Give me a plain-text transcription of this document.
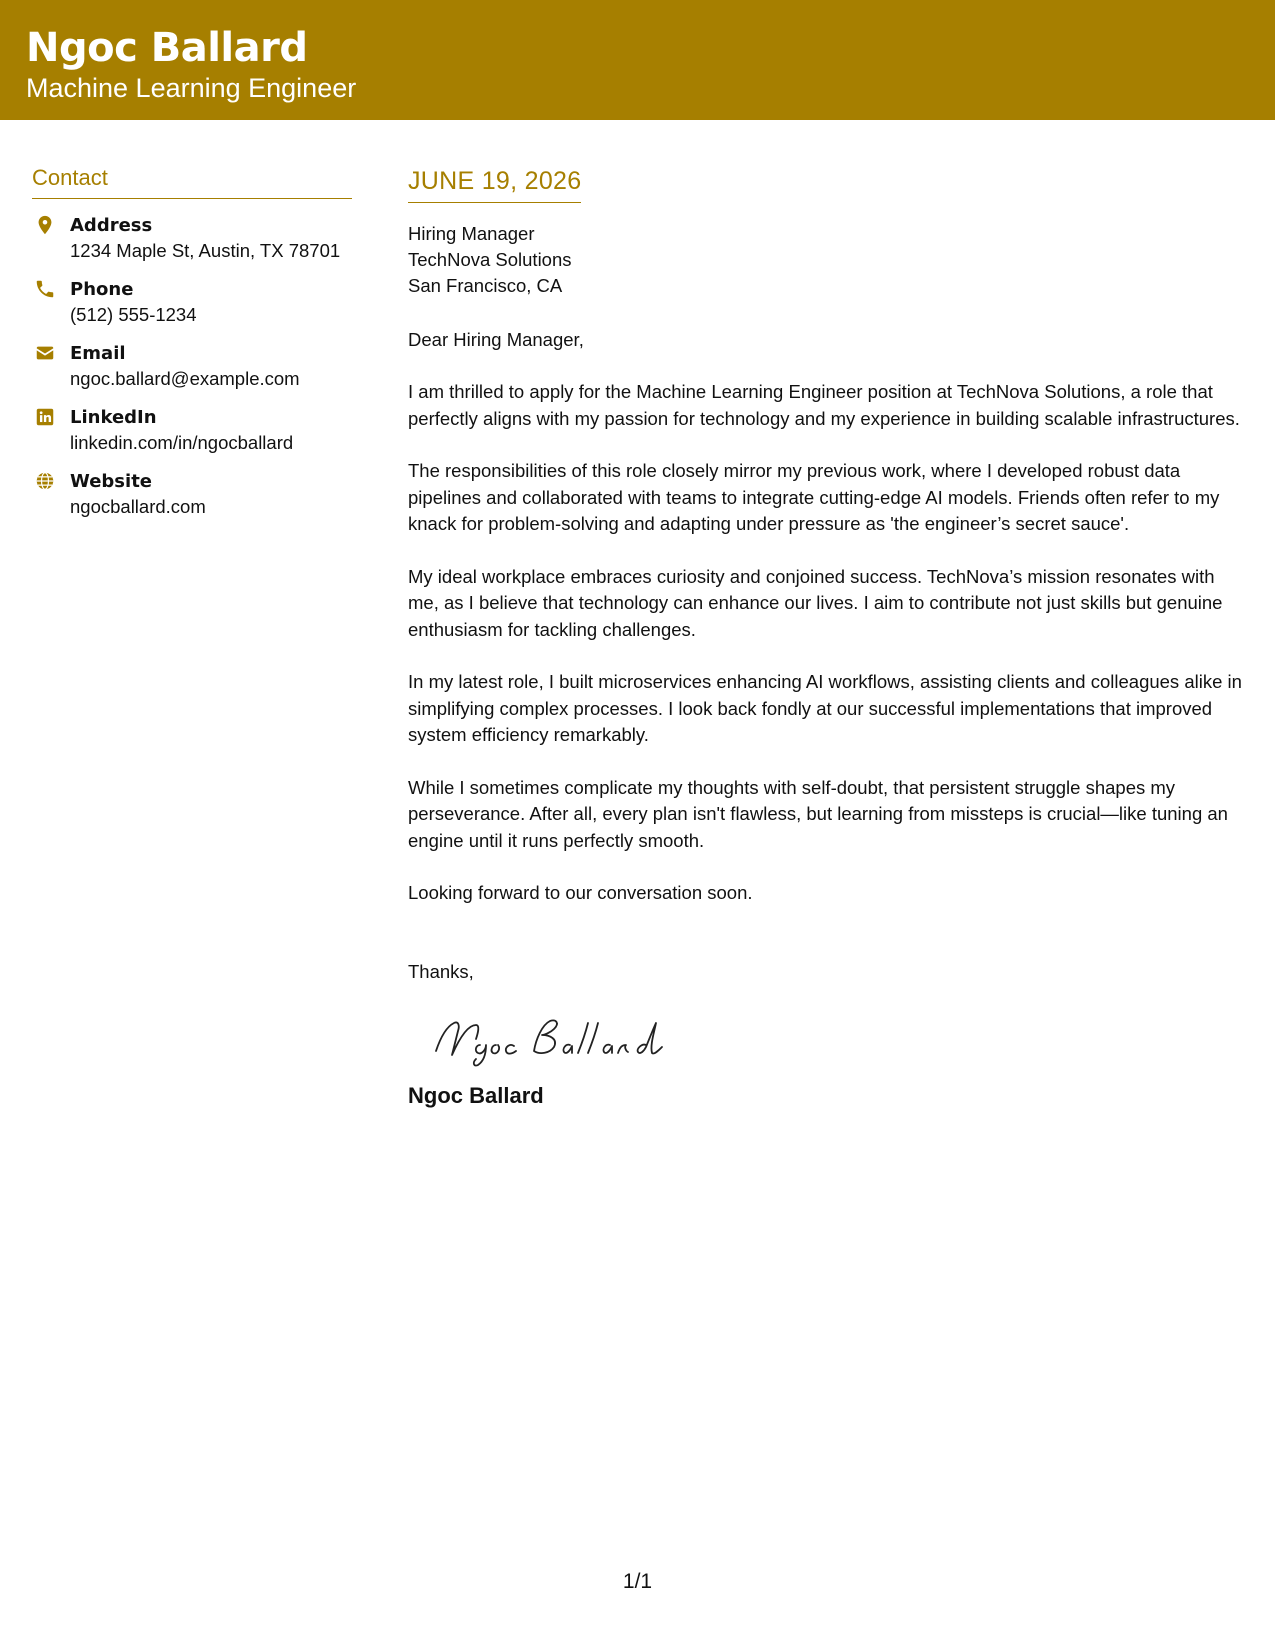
Ngoc Ballard
Machine Learning Engineer
Contact
Address
1234 Maple St, Austin, TX 78701
Phone
(512) 555-1234
Email
ngoc.ballard@example.com
LinkedIn
linkedin.com/in/ngocballard
Website
ngocballard.com
JUNE 19, 2026
Hiring Manager
TechNova Solutions
San Francisco, CA
Dear Hiring Manager,

I am thrilled to apply for the Machine Learning Engineer position at TechNova Solutions, a role that perfectly aligns with my passion for technology and my experience in building scalable infrastructures.

The responsibilities of this role closely mirror my previous work, where I developed robust data pipelines and collaborated with teams to integrate cutting-edge AI models. Friends often refer to my knack for problem-solving and adapting under pressure as 'the engineer’s secret sauce'.

My ideal workplace embraces curiosity and conjoined success. TechNova’s mission resonates with me, as I believe that technology can enhance our lives. I aim to contribute not just skills but genuine enthusiasm for tackling challenges.

In my latest role, I built microservices enhancing AI workflows, assisting clients and colleagues alike in simplifying complex processes. I look back fondly at our successful implementations that improved system efficiency remarkably.

While I sometimes complicate my thoughts with self-doubt, that persistent struggle shapes my perseverance. After all, every plan isn't flawless, but learning from missteps is crucial—like tuning an engine until it runs perfectly smooth.

Looking forward to our conversation soon.

Thanks,
Ngoc Ballard
1/1
